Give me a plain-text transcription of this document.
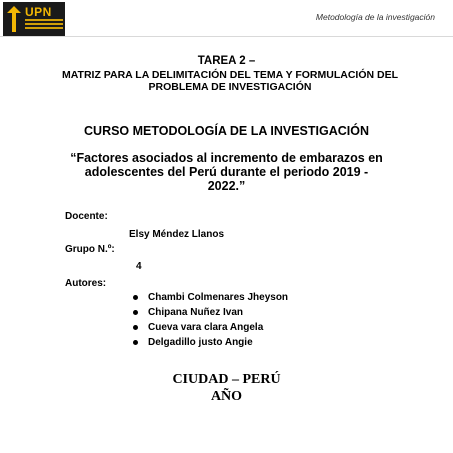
UPN	Metodología de la investigación
TAREA 2 –
MATRIZ PARA LA DELIMITACIÓN DEL TEMA Y FORMULACIÓN DEL PROBLEMA DE INVESTIGACIÓN
CURSO METODOLOGÍA DE LA INVESTIGACIÓN
“Factores asociados al incremento de embarazos en adolescentes del Perú durante el periodo 2019 - 2022.”
Docente:
Elsy Méndez Llanos
Grupo N.º:
4
Autores:
Chambi Colmenares Jheyson
Chipana Nuñez Ivan
Cueva vara clara Angela
Delgadillo justo Angie
CIUDAD – PERÚ
AÑO
